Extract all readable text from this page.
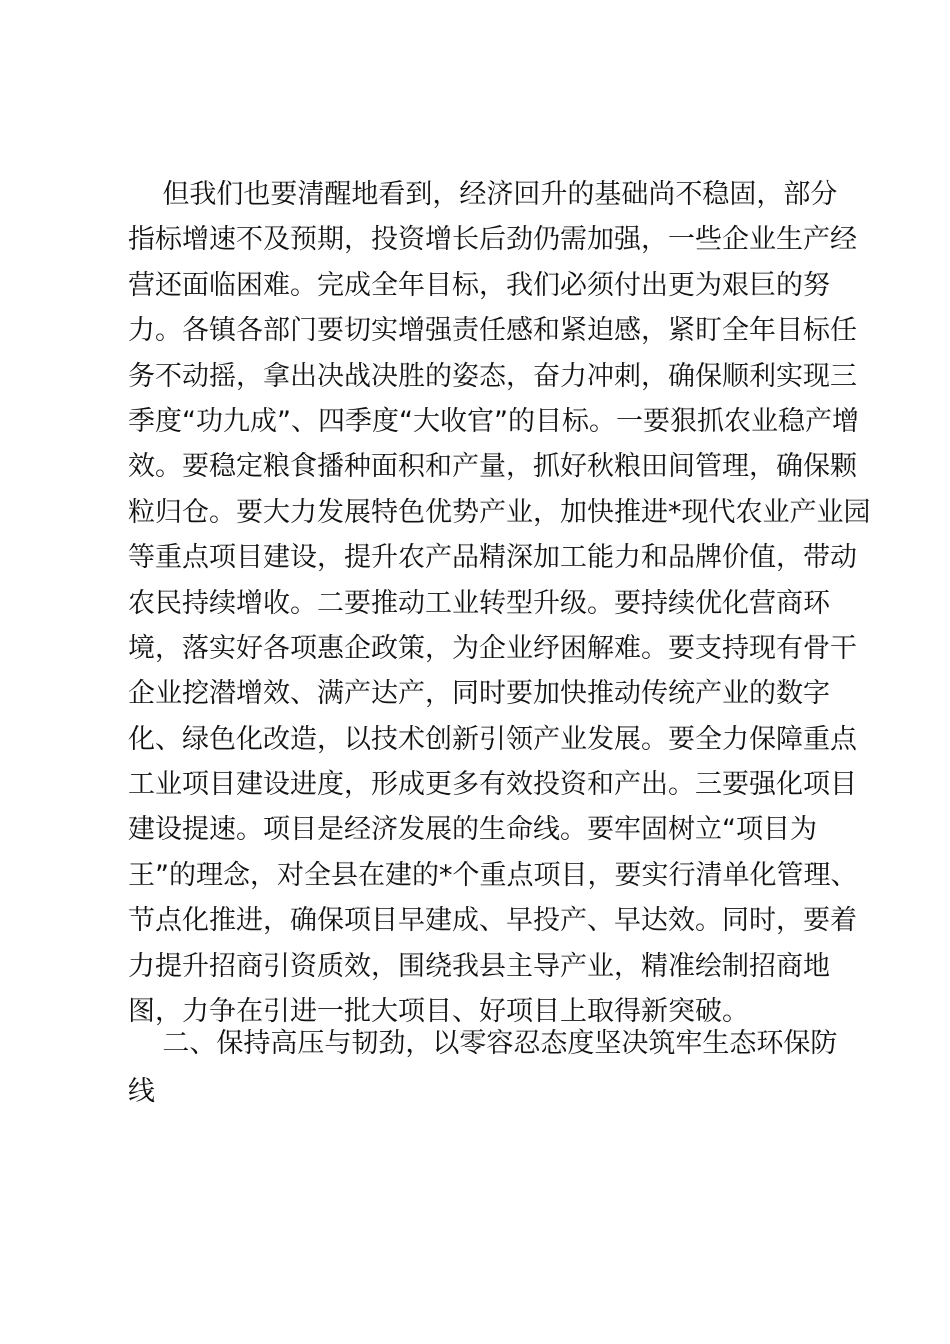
但我们也要清醒地看到，经济回升的基础尚不稳固，部分
指标增速不及预期，投资增长后劲仍需加强，一些企业生产经
营还面临困难。完成全年目标，我们必须付出更为艰巨的努
力。各镇各部门要切实增强责任感和紧迫感，紧盯全年目标任
务不动摇，拿出决战决胜的姿态，奋力冲刺，确保顺利实现三
季度“功九成”、四季度“大收官”的目标。一要狠抓农业稳产增
效。要稳定粮食播种面积和产量，抓好秋粮田间管理，确保颗
粒归仓。要大力发展特色优势产业，加快推进*现代农业产业园
等重点项目建设，提升农产品精深加工能力和品牌价值，带动
农民持续增收。二要推动工业转型升级。要持续优化营商环
境，落实好各项惠企政策，为企业纾困解难。要支持现有骨干
企业挖潜增效、满产达产，同时要加快推动传统产业的数字
化、绿色化改造，以技术创新引领产业发展。要全力保障重点
工业项目建设进度，形成更多有效投资和产出。三要强化项目
建设提速。项目是经济发展的生命线。要牢固树立“项目为
王”的理念，对全县在建的*个重点项目，要实行清单化管理、
节点化推进，确保项目早建成、早投产、早达效。同时，要着
力提升招商引资质效，围绕我县主导产业，精准绘制招商地
图，力争在引进一批大项目、好项目上取得新突破。
二、保持高压与韧劲，以零容忍态度坚决筑牢生态环保防
线
